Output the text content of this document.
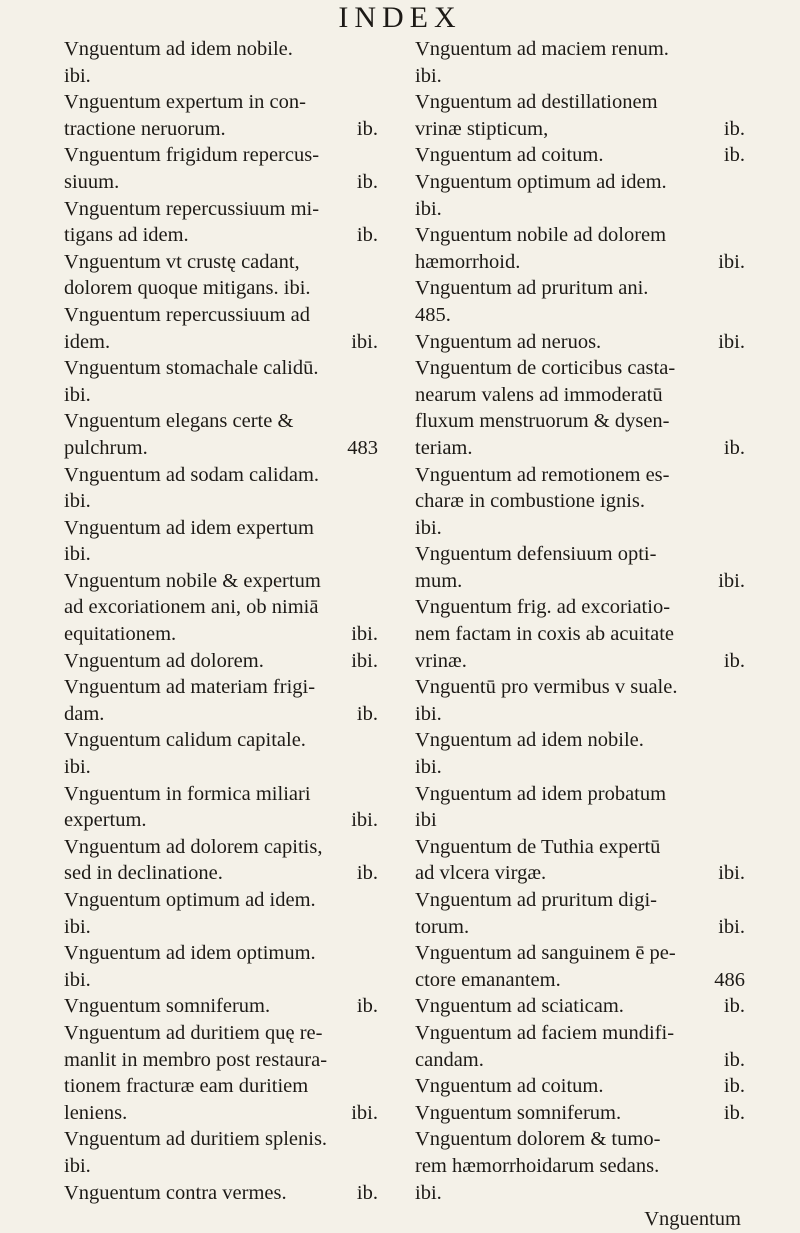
INDEX
Vnguentum ad idem nobile.
ibi.
Vnguentum expertum in con-
tractione neruorum.	ib.
Vnguentum frigidum repercus-
siuum.	ib.
Vnguentum repercussiuum mi-
tigans ad idem.	ib.
Vnguentum vt crustę cadant,
dolorem quoque mitigans. ibi.
Vnguentum repercussiuum ad
idem.	ibi.
Vnguentum stomachale calidū.
ibi.
Vnguentum elegans certe &
pulchrum.	483
Vnguentum ad sodam calidam.
ibi.
Vnguentum ad idem expertum
ibi.
Vnguentum nobile & expertum
ad excoriationem ani, ob nimiā
equitationem.	ibi.
Vnguentum ad dolorem.	ibi.
Vnguentum ad materiam frigi-
dam.	ib.
Vnguentum calidum capitale.
ibi.
Vnguentum in formica miliari
expertum.	ibi.
Vnguentum ad dolorem capitis,
sed in declinatione.	ib.
Vnguentum optimum ad idem.
ibi.
Vnguentum ad idem optimum.
ibi.
Vnguentum somniferum.	ib.
Vnguentum ad duritiem quę re-
manlit in membro post restaura-
tionem fracturæ eam duritiem
leniens.	ibi.
Vnguentum ad duritiem splenis.
ibi.
Vnguentum contra vermes.	ib.
Vnguentum ad maciem renum.
ibi.
Vnguentum ad destillationem
vrinæ stipticum,	ib.
Vnguentum ad coitum.	ib.
Vnguentum optimum ad idem.
ibi.
Vnguentum nobile ad dolorem
hæmorrhoid.	ibi.
Vnguentum ad pruritum ani.
485.
Vnguentum ad neruos.	ibi.
Vnguentum de corticibus casta-
nearum valens ad immoderatū
fluxum menstruorum & dysen-
teriam.	ib.
Vnguentum ad remotionem es-
charæ in combustione ignis.
ibi.
Vnguentum defensiuum opti-
mum.	ibi.
Vnguentum frig. ad excoriatio-
nem factam in coxis ab acuitate
vrinæ.	ib.
Vnguentū pro vermibus v suale.
ibi.
Vnguentum ad idem nobile.
ibi.
Vnguentum ad idem probatum
ibi
Vnguentum de Tuthia expertū
ad vlcera virgæ.	ibi.
Vnguentum ad pruritum digi-
torum.	ibi.
Vnguentum ad sanguinem ē pe-
ctore emanantem.	486
Vnguentum ad sciaticam.	ib.
Vnguentum ad faciem mundifi-
candam.	ib.
Vnguentum ad coitum.	ib.
Vnguentum somniferum.	ib.
Vnguentum dolorem & tumo-
rem hæmorrhoidarum sedans.
ibi.
Vnguentum
